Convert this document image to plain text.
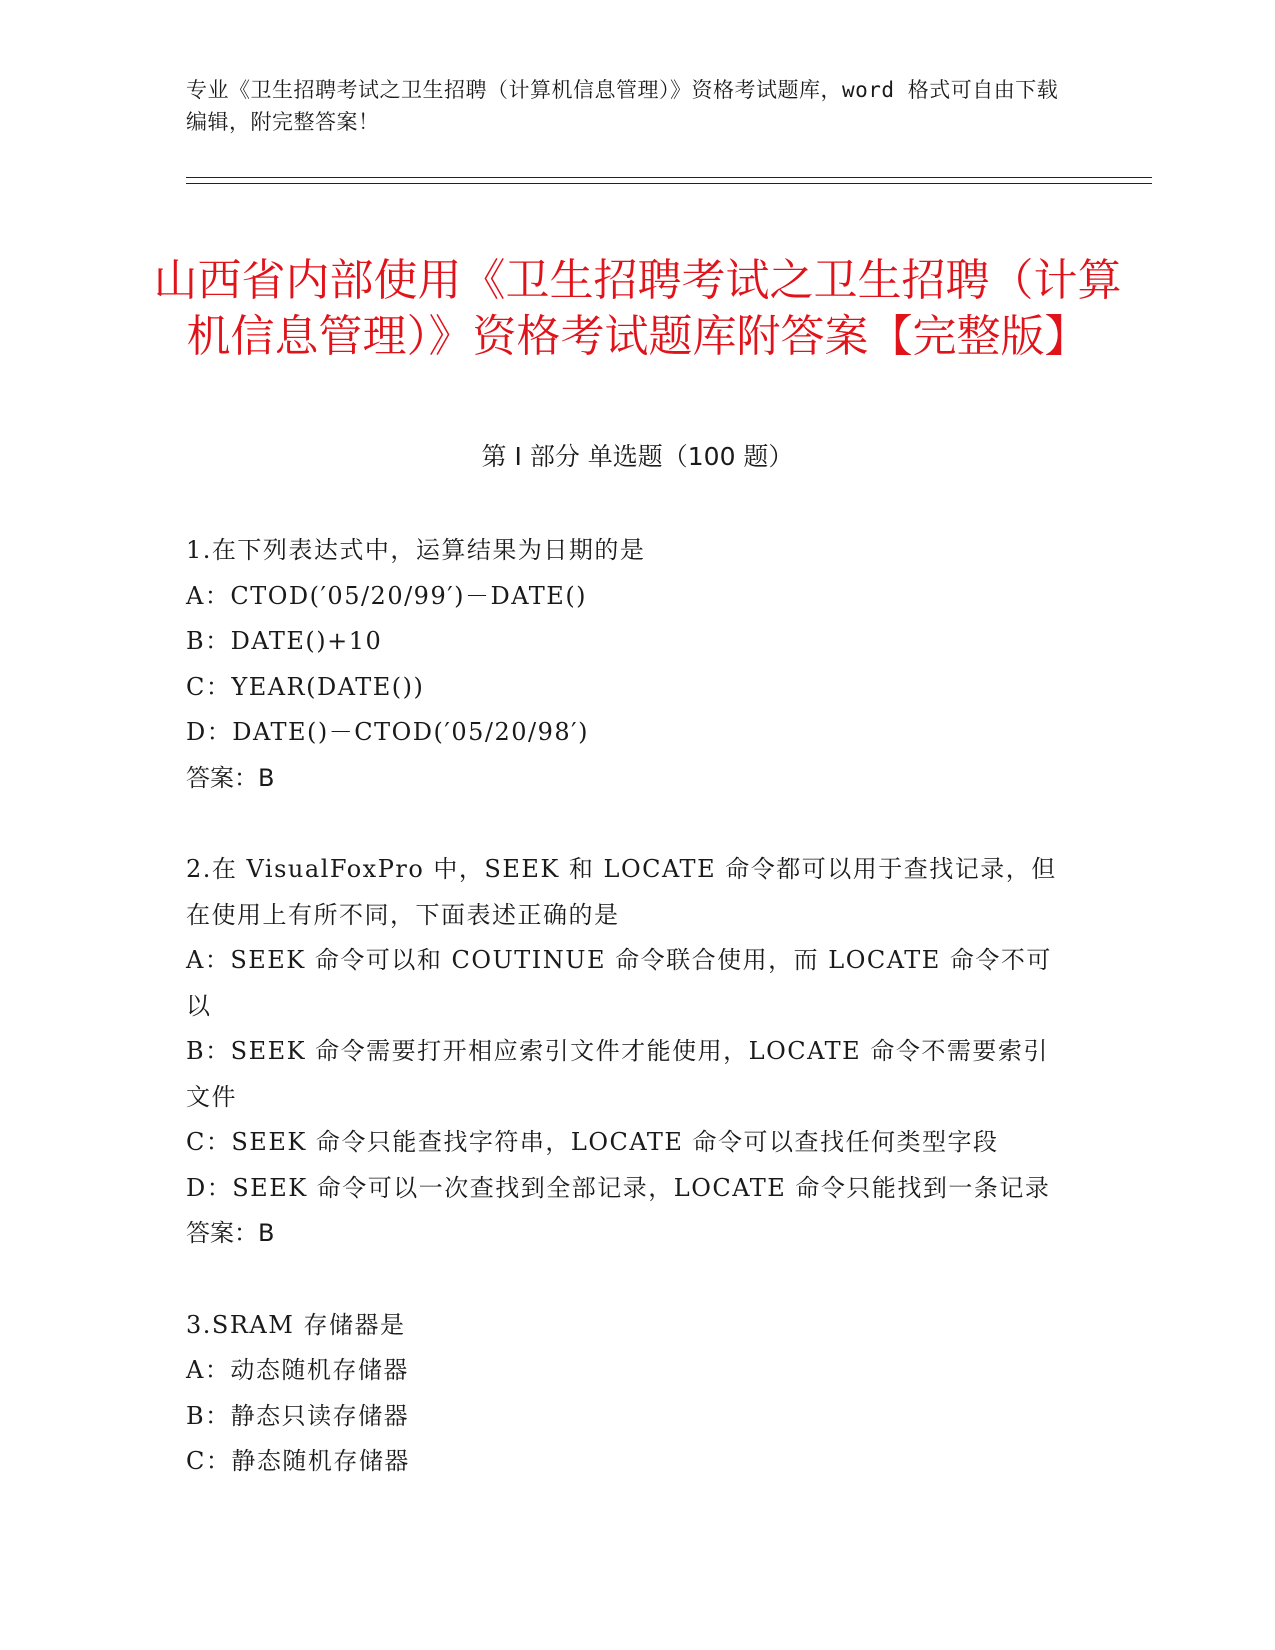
专业《卫生招聘考试之卫生招聘（计算机信息管理）》资格考试题库，word 格式可自由下载编辑，附完整答案！
山西省内部使用《卫生招聘考试之卫生招聘（计算机信息管理）》资格考试题库附答案【完整版】
第 I 部分 单选题（100 题）
1.在下列表达式中，运算结果为日期的是
A：CTOD(′05/20/99′)－DATE()
B：DATE()+10
C：YEAR(DATE())
D：DATE()－CTOD(′05/20/98′)
答案：B
2.在 VisualFoxPro 中，SEEK 和 LOCATE 命令都可以用于查找记录，但在使用上有所不同，下面表述正确的是
A：SEEK 命令可以和 COUTINUE 命令联合使用，而 LOCATE 命令不可以
B：SEEK 命令需要打开相应索引文件才能使用，LOCATE 命令不需要索引文件
C：SEEK 命令只能查找字符串，LOCATE 命令可以查找任何类型字段
D：SEEK 命令可以一次查找到全部记录，LOCATE 命令只能找到一条记录
答案：B
3.SRAM 存储器是
A：动态随机存储器
B：静态只读存储器
C：静态随机存储器
